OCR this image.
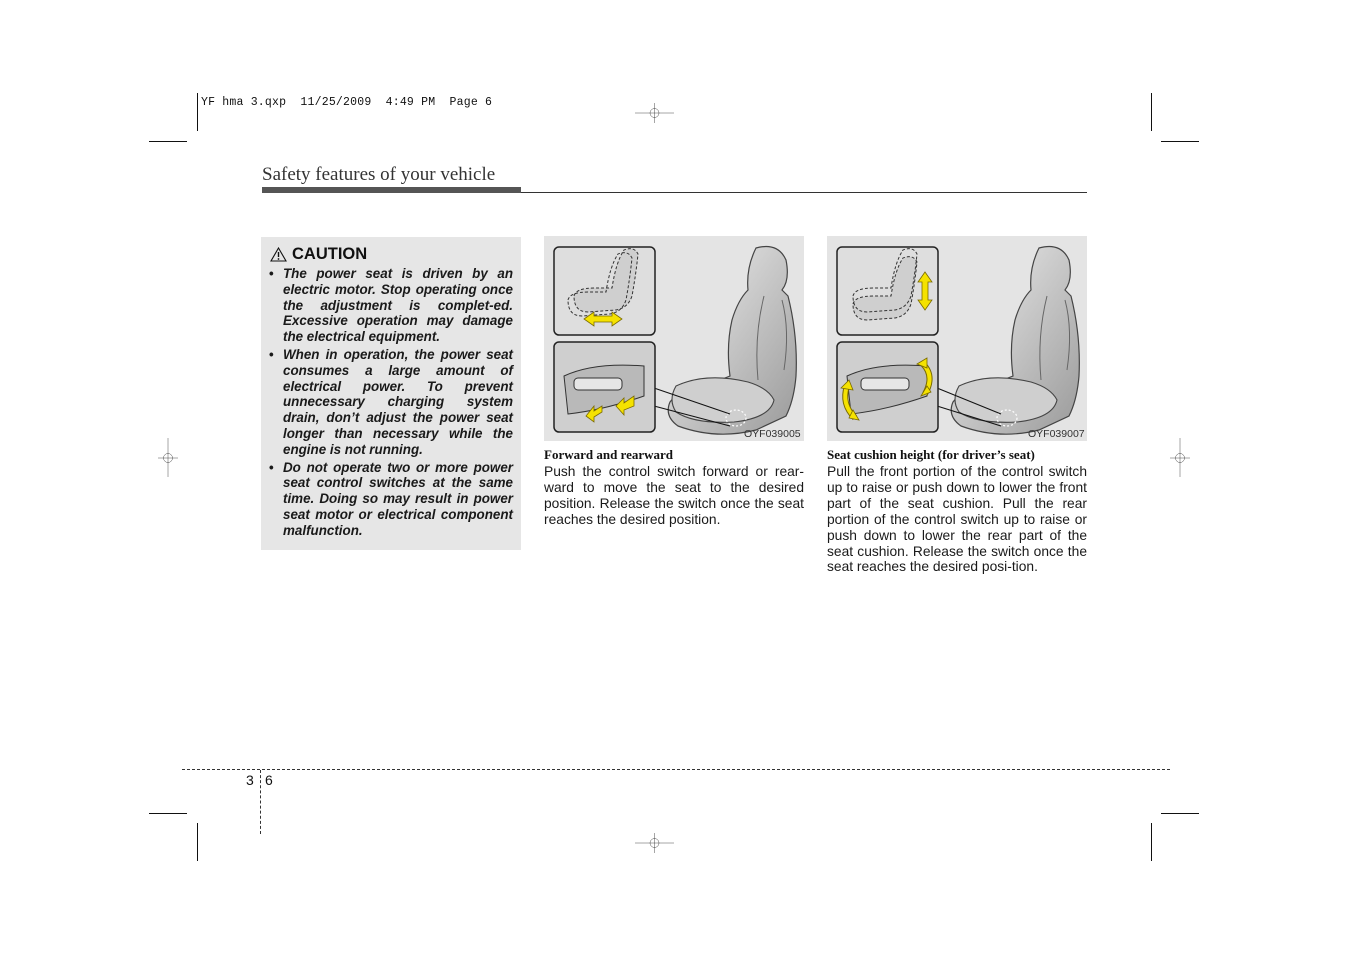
YF hma 3.qxp  11/25/2009  4:49 PM  Page 6
Safety features of your vehicle
CAUTION
• The power seat is driven by an electric motor. Stop operating once the adjustment is complet-ed. Excessive operation may damage the electrical equipment.
• When in operation, the power seat consumes a large amount of electrical power. To prevent unnecessary charging system drain, don’t adjust the power seat longer than necessary while the engine is not running.
• Do not operate two or more power seat control switches at the same time. Doing so may result in power seat motor or electrical component malfunction.
OYF039005
Forward and rearward
Push the control switch forward or rear-ward to move the seat to the desired position. Release the switch once the seat reaches the desired position.
OYF039007
Seat cushion height (for driver’s seat)
Pull the front portion of the control switch up to raise or push down to lower the front part of the seat cushion. Pull the rear portion of the control switch up to raise or push down to lower the rear part of the seat cushion. Release the switch once the seat reaches the desired posi-tion.
3 6
